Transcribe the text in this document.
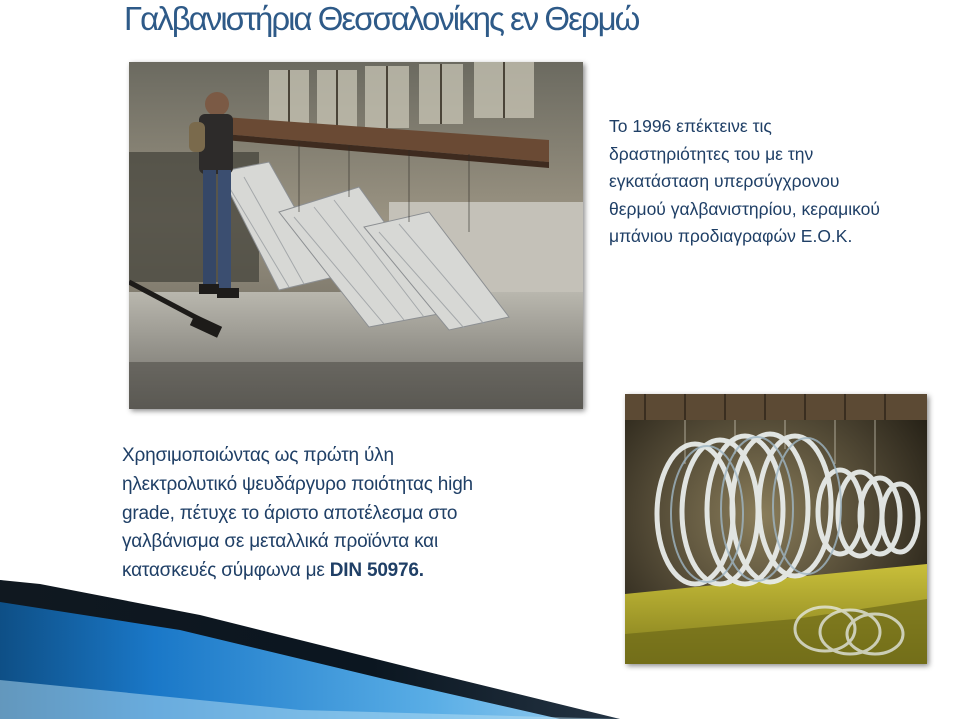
Γαλβανιστήρια Θεσσαλονίκης εν Θερμώ
Το 1996 επέκτεινε τις
δραστηριότητες του με την
εγκατάσταση υπερσύγχρονου
θερμού γαλβανιστηρίου, κεραμικού
μπάνιου προδιαγραφών Ε.Ο.Κ.
Χρησιμοποιώντας ως πρώτη ύλη
ηλεκτρολυτικό ψευδάργυρο ποιότητας high
grade, πέτυχε το άριστο αποτέλεσμα στο
γαλβάνισμα σε μεταλλικά προϊόντα και
κατασκευές σύμφωνα με DIN 50976.
